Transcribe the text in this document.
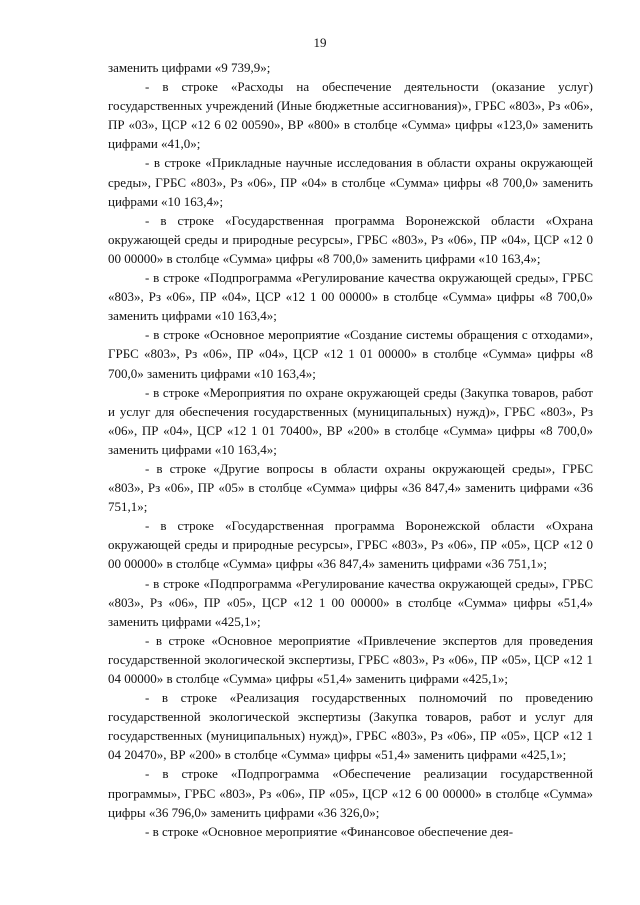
19

заменить цифрами «9 739,9»;

- в строке «Расходы на обеспечение деятельности (оказание услуг) государственных учреждений (Иные бюджетные ассигнования)», ГРБС «803», Рз «06», ПР «03», ЦСР «12 6 02 00590», ВР «800» в столбце «Сумма» цифры «123,0» заменить цифрами «41,0»;

- в строке «Прикладные научные исследования в области охраны окружающей среды», ГРБС «803», Рз «06», ПР «04» в столбце «Сумма» цифры «8 700,0» заменить цифрами «10 163,4»;

- в строке «Государственная программа Воронежской области «Охрана окружающей среды и природные ресурсы», ГРБС «803», Рз «06», ПР «04», ЦСР «12 0 00 00000» в столбце «Сумма» цифры «8 700,0» заменить цифрами «10 163,4»;

- в строке «Подпрограмма «Регулирование качества окружающей среды», ГРБС «803», Рз «06», ПР «04», ЦСР «12 1 00 00000» в столбце «Сумма» цифры «8 700,0» заменить цифрами «10 163,4»;

- в строке «Основное мероприятие «Создание системы обращения с отходами», ГРБС «803», Рз «06», ПР «04», ЦСР «12 1 01 00000» в столбце «Сумма» цифры «8 700,0» заменить цифрами «10 163,4»;

- в строке «Мероприятия по охране окружающей среды (Закупка товаров, работ и услуг для обеспечения государственных (муниципальных) нужд)», ГРБС «803», Рз «06», ПР «04», ЦСР «12 1 01 70400», ВР «200» в столбце «Сумма» цифры «8 700,0» заменить цифрами «10 163,4»;

- в строке «Другие вопросы в области охраны окружающей среды», ГРБС «803», Рз «06», ПР «05» в столбце «Сумма» цифры «36 847,4» заменить цифрами «36 751,1»;

- в строке «Государственная программа Воронежской области «Охрана окружающей среды и природные ресурсы», ГРБС «803», Рз «06», ПР «05», ЦСР «12 0 00 00000» в столбце «Сумма» цифры «36 847,4» заменить цифрами «36 751,1»;

- в строке «Подпрограмма «Регулирование качества окружающей среды», ГРБС «803», Рз «06», ПР «05», ЦСР «12 1 00 00000» в столбце «Сумма» цифры «51,4» заменить цифрами «425,1»;

- в строке «Основное мероприятие «Привлечение экспертов для проведения государственной экологической экспертизы, ГРБС «803», Рз «06», ПР «05», ЦСР «12 1 04 00000» в столбце «Сумма» цифры «51,4» заменить цифрами «425,1»;

- в строке «Реализация государственных полномочий по проведению государственной экологической экспертизы (Закупка товаров, работ и услуг для государственных (муниципальных) нужд)», ГРБС «803», Рз «06», ПР «05», ЦСР «12 1 04 20470», ВР «200» в столбце «Сумма» цифры «51,4» заменить цифрами «425,1»;

- в строке «Подпрограмма «Обеспечение реализации государственной программы», ГРБС «803», Рз «06», ПР «05», ЦСР «12 6 00 00000» в столбце «Сумма» цифры «36 796,0» заменить цифрами «36 326,0»;

- в строке «Основное мероприятие «Финансовое обеспечение дея-
